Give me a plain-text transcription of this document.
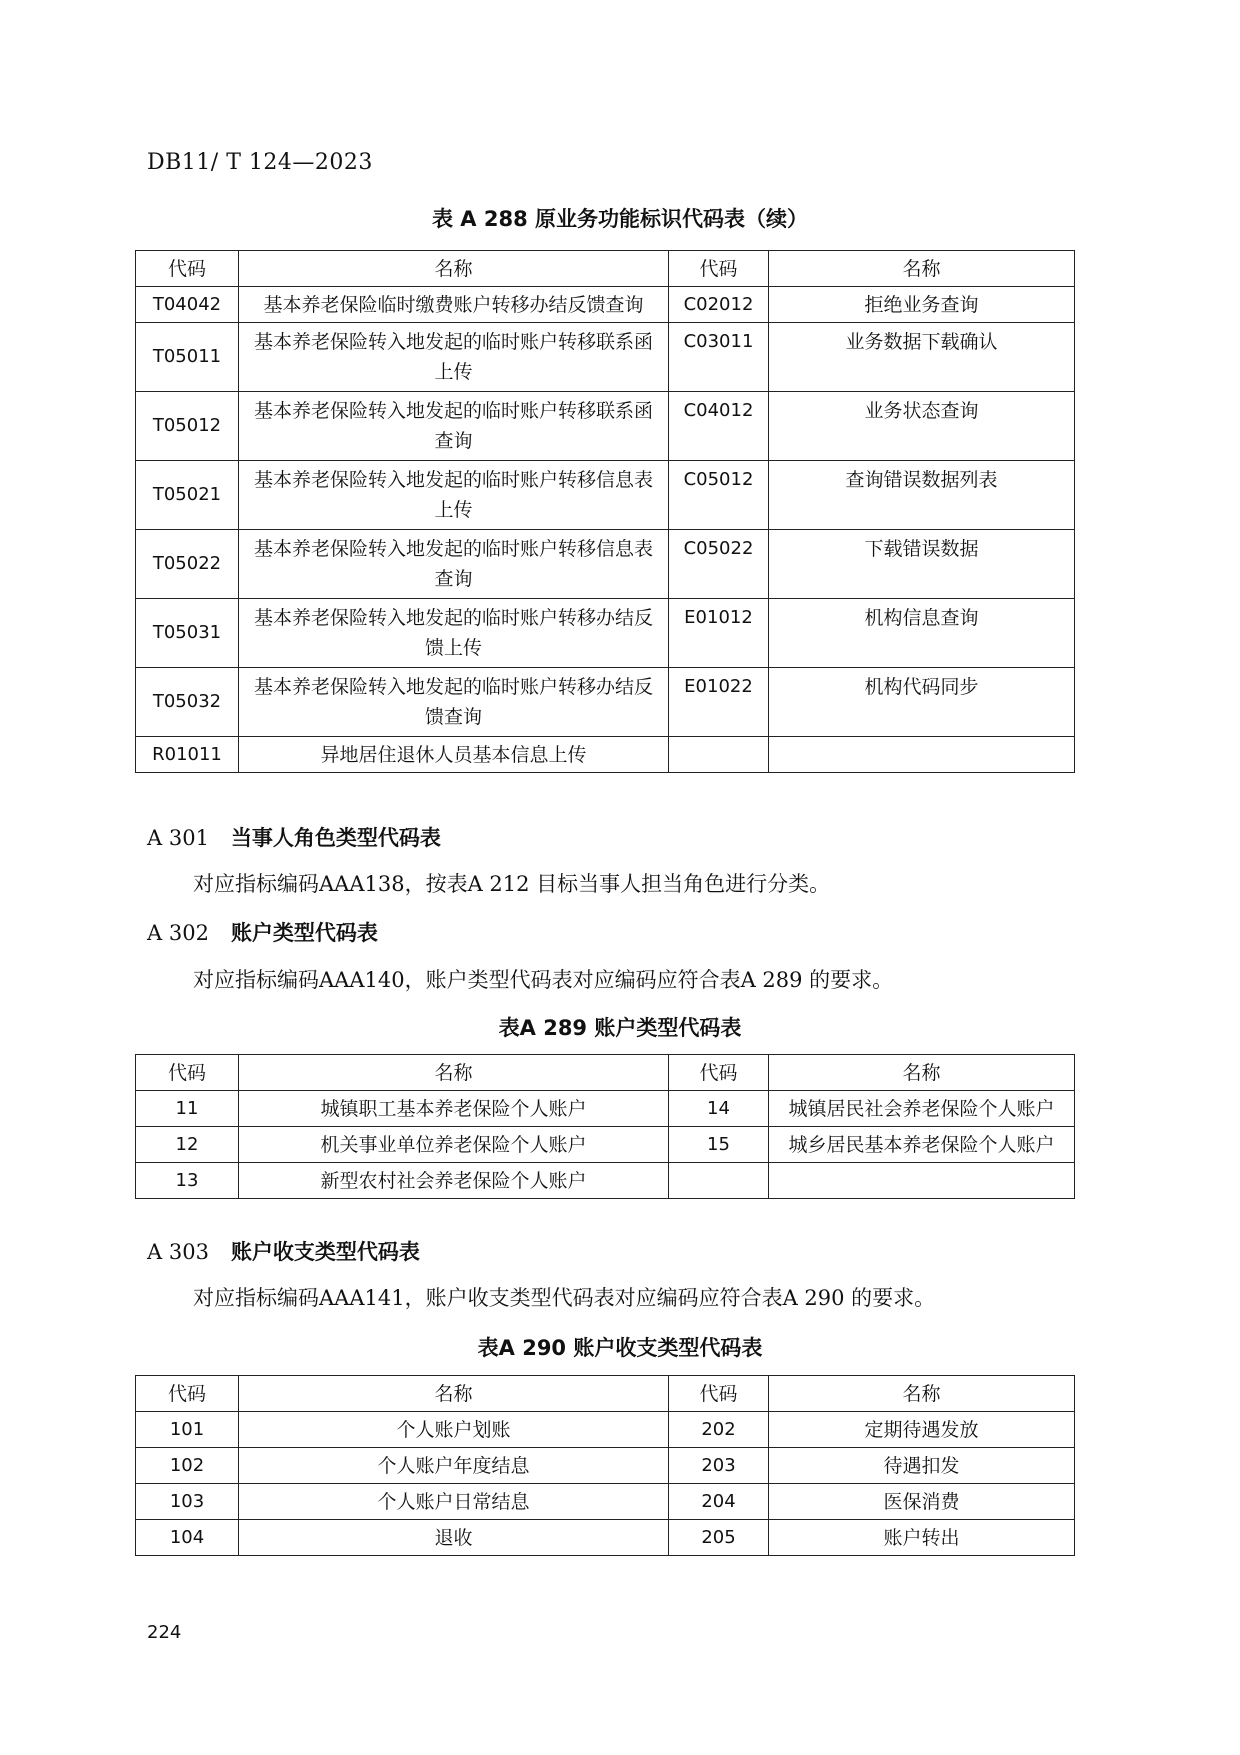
DB11/ T 124—2023
表 A 288 原业务功能标识代码表（续）
代码	名称	代码	名称
T04042	基本养老保险临时缴费账户转移办结反馈查询	C02012	拒绝业务查询
T05011	基本养老保险转入地发起的临时账户转移联系函上传	C03011	业务数据下载确认
T05012	基本养老保险转入地发起的临时账户转移联系函查询	C04012	业务状态查询
T05021	基本养老保险转入地发起的临时账户转移信息表上传	C05012	查询错误数据列表
T05022	基本养老保险转入地发起的临时账户转移信息表查询	C05022	下载错误数据
T05031	基本养老保险转入地发起的临时账户转移办结反馈上传	E01012	机构信息查询
T05032	基本养老保险转入地发起的临时账户转移办结反馈查询	E01022	机构代码同步
R01011	异地居住退休人员基本信息上传		
A 301 当事人角色类型代码表
对应指标编码AAA138，按表A 212 目标当事人担当角色进行分类。
A 302 账户类型代码表
对应指标编码AAA140，账户类型代码表对应编码应符合表A 289 的要求。
表A 289 账户类型代码表
代码	名称	代码	名称
11	城镇职工基本养老保险个人账户	14	城镇居民社会养老保险个人账户
12	机关事业单位养老保险个人账户	15	城乡居民基本养老保险个人账户
13	新型农村社会养老保险个人账户		
A 303 账户收支类型代码表
对应指标编码AAA141，账户收支类型代码表对应编码应符合表A 290 的要求。
表A 290 账户收支类型代码表
代码	名称	代码	名称
101	个人账户划账	202	定期待遇发放
102	个人账户年度结息	203	待遇扣发
103	个人账户日常结息	204	医保消费
104	退收	205	账户转出
224
